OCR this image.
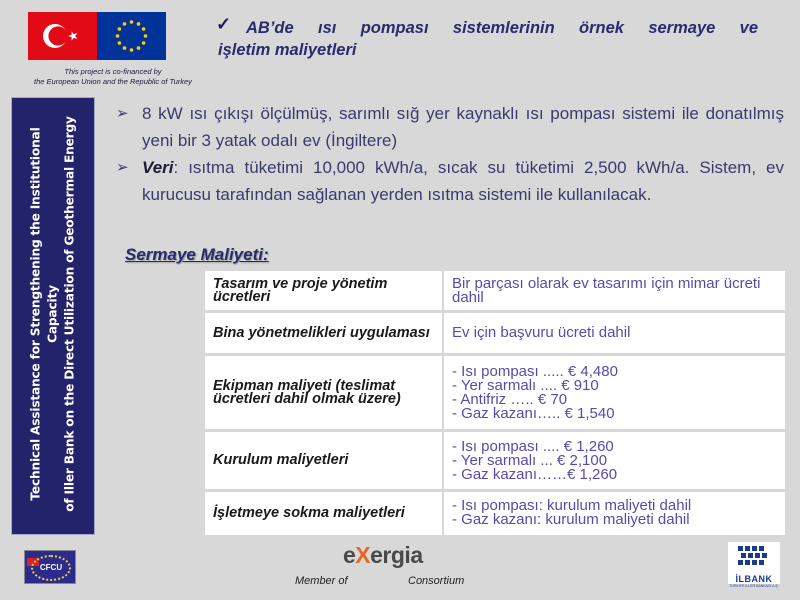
This project is co-financed by
the European Union and the Republic of Turkey
✓ AB’de ısı pompası sistemlerinin örnek sermaye ve
işletim maliyetleri
Technical Assistance for Strengthening the Institutional Capacity of Iller Bank on the Direct Utilization of Geothermal Energy
➢ 8 kW ısı çıkışı ölçülmüş, sarımlı sığ yer kaynaklı ısı pompası sistemi ile donatılmış yeni bir 3 yatak odalı ev (İngiltere)
➢ Veri: ısıtma tüketimi 10,000 kWh/a, sıcak su tüketimi 2,500 kWh/a. Sistem, ev kurucusu tarafından sağlanan yerden ısıtma sistemi ile kullanılacak.
Sermaye Maliyeti:
Tasarım ve proje yönetim ücretleri	Bir parçası olarak ev tasarımı için mimar ücreti dahil

Bina yönetmelikleri uygulaması	Ev için başvuru ücreti dahil

Ekipman maliyeti (teslimat ücretleri dahil olmak üzere)	- Isı pompası ..... € 4,480
- Yer sarmalı .... € 910
- Antifriz ….. € 70
- Gaz kazanı….. € 1,540

Kurulum maliyetleri	- Isı pompası .... € 1,260
- Yer sarmalı ... € 2,100
- Gaz kazanı……€ 1,260

İşletmeye sokma maliyetleri	- Isı pompası: kurulum maliyeti dahil
- Gaz kazanı: kurulum maliyeti dahil
CFCU	eXergia
Member of	Consortium	İLBANK
TÜRKİYE İLLER BANKASI A.Ş.
